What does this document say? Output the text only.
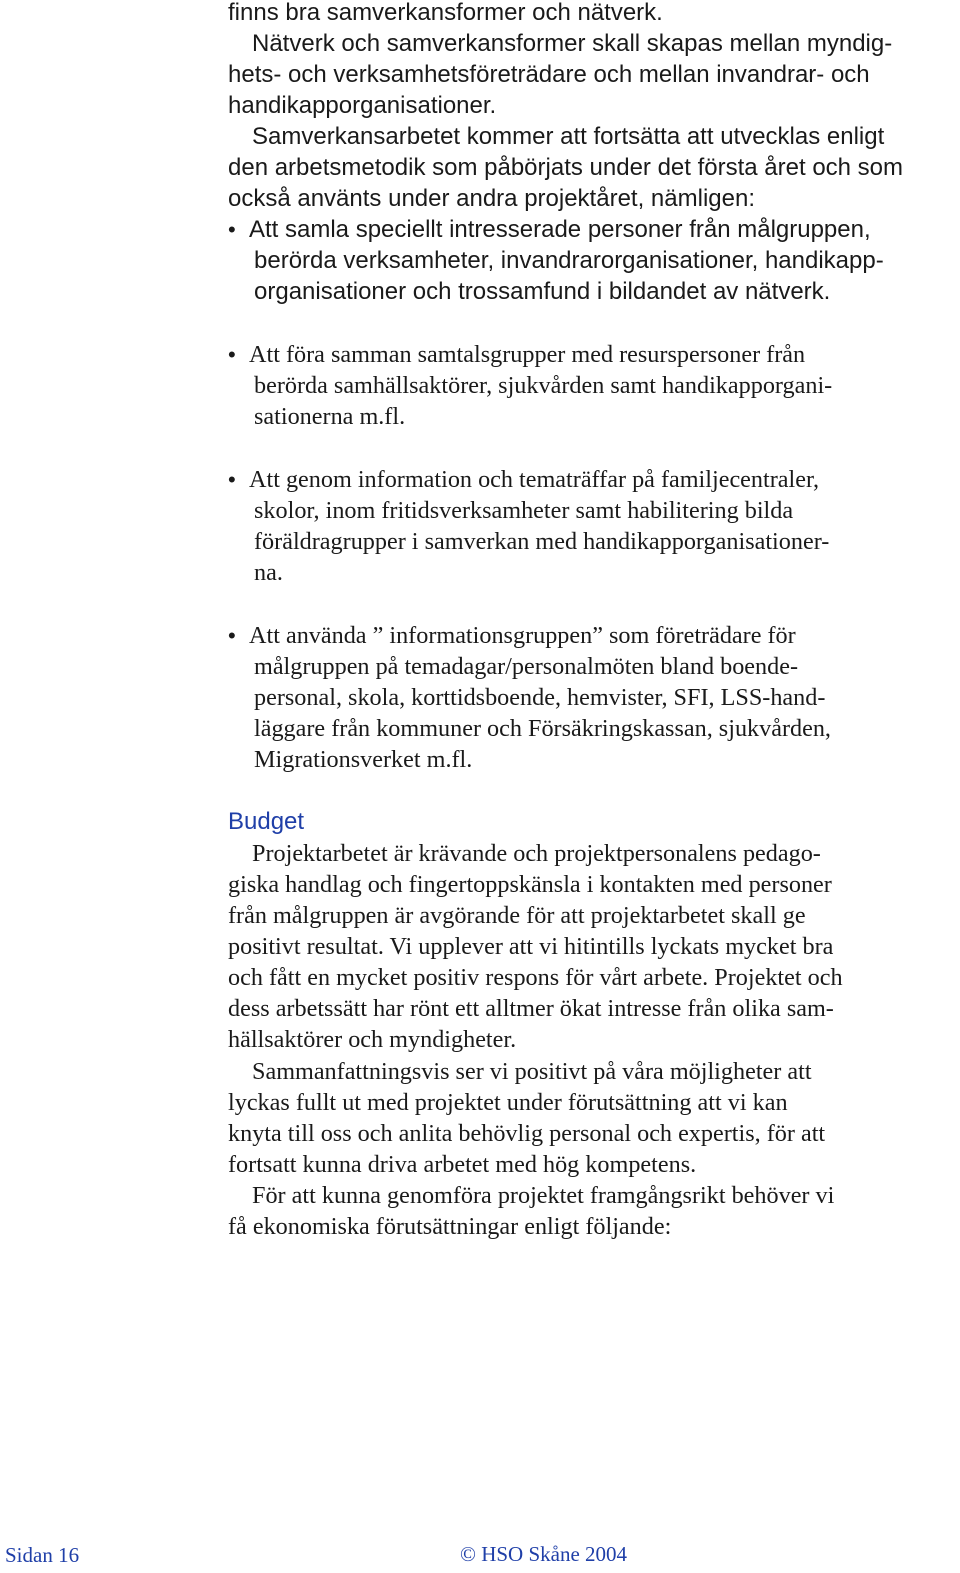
finns bra samverkansformer och nätverk.
Nätverk och samverkansformer skall skapas mellan myndig-
hets- och verksamhetsföreträdare och mellan invandrar- och
handikapporganisationer.
Samverkansarbetet kommer att fortsätta att utvecklas enligt
den arbetsmetodik som påbörjats under det första året och som
också använts under andra projektåret, nämligen:
• Att samla speciellt intresserade personer från målgruppen,
berörda verksamheter, invandrarorganisationer, handikapp-
organisationer och trossamfund i bildandet av nätverk.
• Att föra samman samtalsgrupper med resurspersoner från
berörda samhällsaktörer, sjukvården samt handikapporgani-
sationerna m.fl.
• Att genom information och tematräffar på familjecentraler,
skolor, inom fritidsverksamheter samt habilitering bilda
föräldragrupper i samverkan med handikapporganisationer-
na.
• Att använda ” informationsgruppen” som företrädare för
målgruppen på temadagar/personalmöten bland boende-
personal, skola, korttidsboende, hemvister, SFI, LSS-hand-
läggare från kommuner och Försäkringskassan, sjukvården,
Migrationsverket m.fl.
Budget
Projektarbetet är krävande och projektpersonalens pedago-
giska handlag och fingertoppskänsla i kontakten med personer
från målgruppen är avgörande för att projektarbetet skall ge
positivt resultat. Vi upplever att vi hitintills lyckats mycket bra
och fått en mycket positiv respons för vårt arbete. Projektet och
dess arbetssätt har rönt ett alltmer ökat intresse från olika sam-
hällsaktörer och myndigheter.
Sammanfattningsvis ser vi positivt på våra möjligheter att
lyckas fullt ut med projektet under förutsättning att vi kan
knyta till oss och anlita behövlig personal och expertis, för att
fortsatt kunna driva arbetet med hög kompetens.
För att kunna genomföra projektet framgångsrikt behöver vi
få ekonomiska förutsättningar enligt följande:
Sidan 16	© HSO Skåne 2004
